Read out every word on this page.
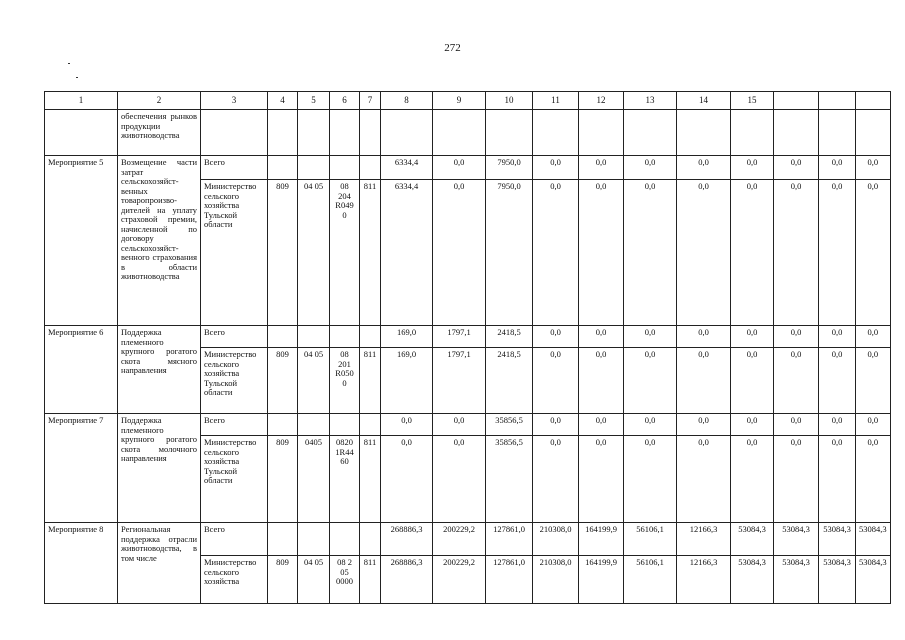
272
1	2	3	4	5	6	7	8	9	10	11	12	13	14	15			
	обеспечения рынков продукции животноводства																
Мероприятие 5	Возмещение части затрат сельскохозяйст-венных товаропроизво-дителей на уплату страховой премии, начисленной по договору сельскохозяйст-венного страхования в области животноводства	Всего					6334,4	0,0	7950,0	0,0	0,0	0,0	0,0	0,0	0,0	0,0	0,0
		Министерство сельского хозяйства Тульской области	809	04 05	08 204 R049 0	811	6334,4	0,0	7950,0	0,0	0,0	0,0	0,0	0,0	0,0	0,0	0,0
Мероприятие 6	Поддержка племенного крупного рогатого скота мясного направления	Всего					169,0	1797,1	2418,5	0,0	0,0	0,0	0,0	0,0	0,0	0,0	0,0
		Министерство сельского хозяйства Тульской области	809	04 05	08 201 R050 0	811	169,0	1797,1	2418,5	0,0	0,0	0,0	0,0	0,0	0,0	0,0	0,0
Мероприятие 7	Поддержка племенного крупного рогатого скота молочного направления	Всего					0,0	0,0	35856,5	0,0	0,0	0,0	0,0	0,0	0,0	0,0	0,0
		Министерство сельского хозяйства Тульской области	809	0405	0820 1R44 60	811	0,0	0,0	35856,5	0,0	0,0	0,0	0,0	0,0	0,0	0,0	0,0
Мероприятие 8	Региональная поддержка отрасли животноводства, в том числе	Всего					268886,3	200229,2	127861,0	210308,0	164199,9	56106,1	12166,3	53084,3	53084,3	53084,3	53084,3
		Министерство сельского хозяйства	809	04 05	08 2 05 0000	811	268886,3	200229,2	127861,0	210308,0	164199,9	56106,1	12166,3	53084,3	53084,3	53084,3	53084,3
